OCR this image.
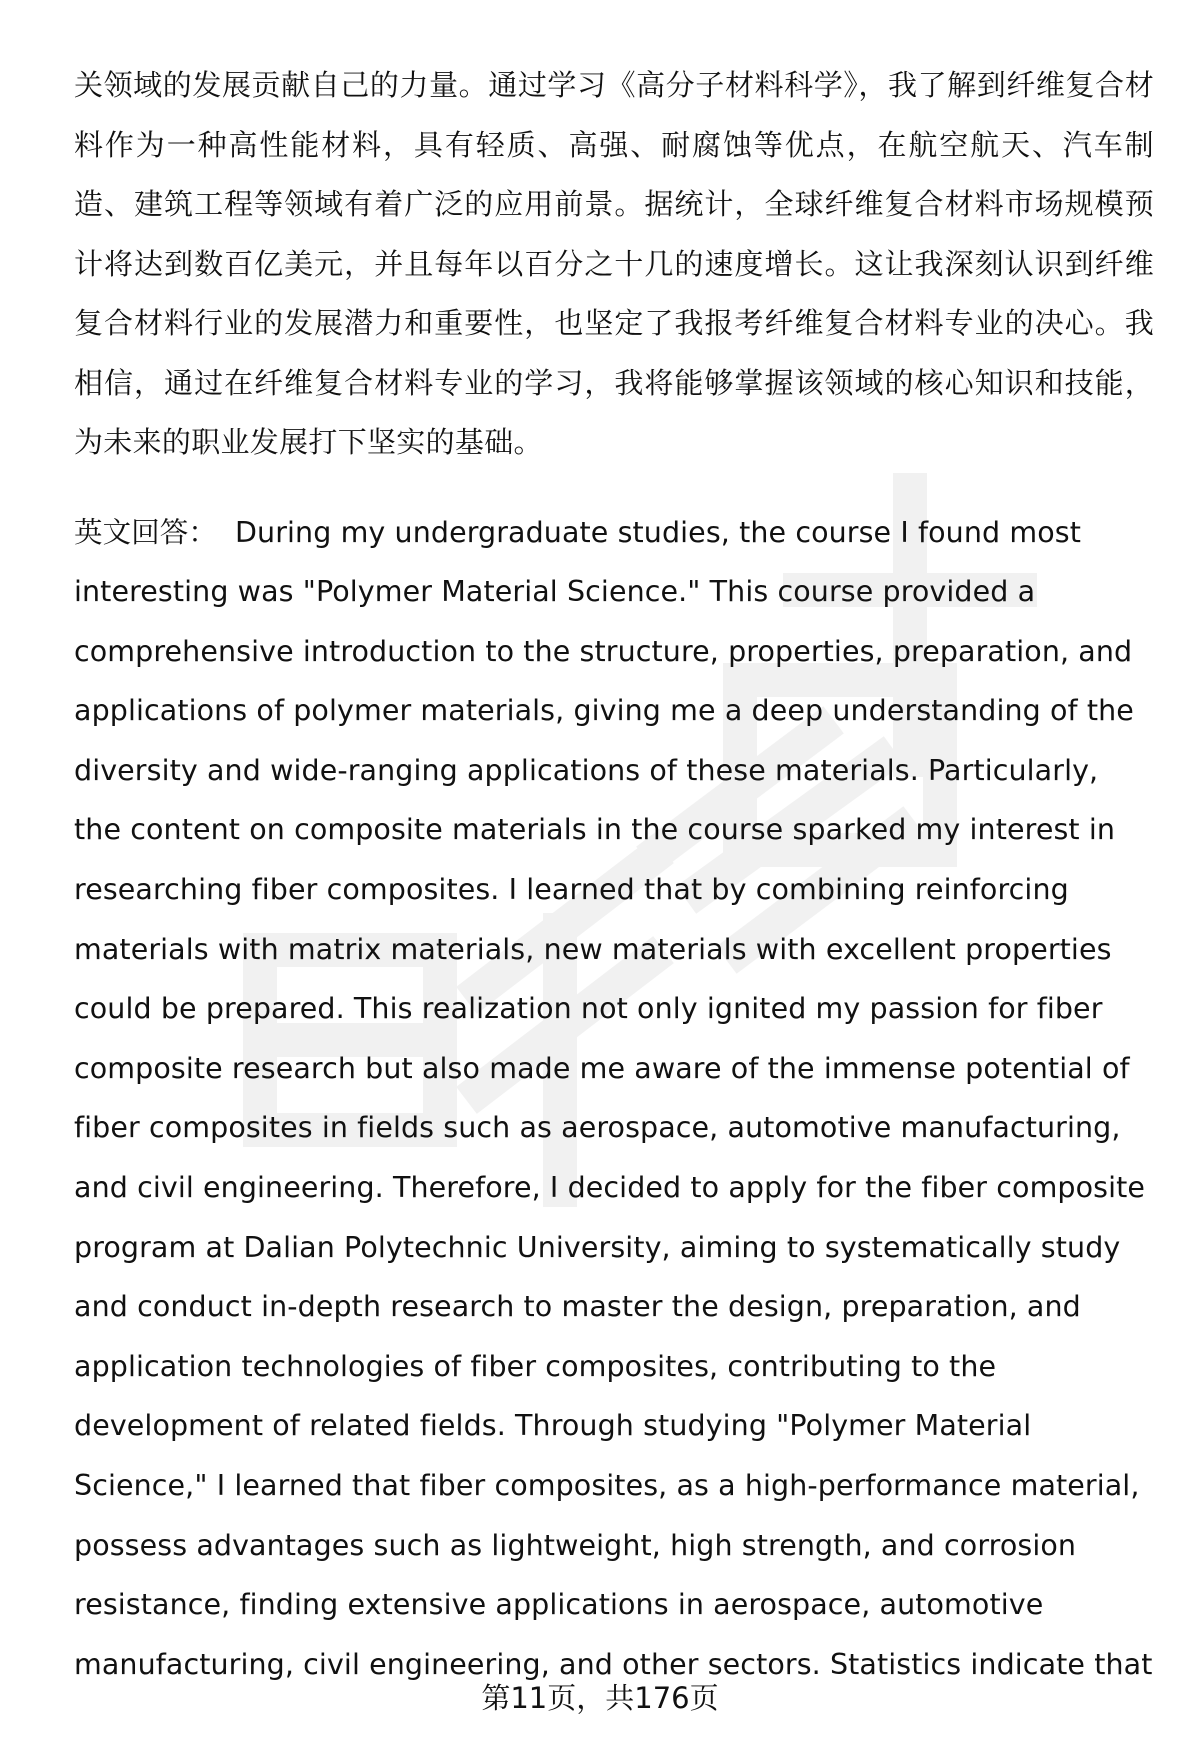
关领域的发展贡献自己的力量。通过学习《高分子材料科学》，我了解到纤维复合材料作为一种高性能材料，具有轻质、高强、耐腐蚀等优点，在航空航天、汽车制造、建筑工程等领域有着广泛的应用前景。据统计，全球纤维复合材料市场规模预计将达到数百亿美元，并且每年以百分之十几的速度增长。这让我深刻认识到纤维复合材料行业的发展潜力和重要性，也坚定了我报考纤维复合材料专业的决心。我相信，通过在纤维复合材料专业的学习，我将能够掌握该领域的核心知识和技能，为未来的职业发展打下坚实的基础。

英文回答： During my undergraduate studies, the course I found most interesting was "Polymer Material Science." This course provided a comprehensive introduction to the structure, properties, preparation, and applications of polymer materials, giving me a deep understanding of the diversity and wide-ranging applications of these materials. Particularly, the content on composite materials in the course sparked my interest in researching fiber composites. I learned that by combining reinforcing materials with matrix materials, new materials with excellent properties could be prepared. This realization not only ignited my passion for fiber composite research but also made me aware of the immense potential of fiber composites in fields such as aerospace, automotive manufacturing, and civil engineering. Therefore, I decided to apply for the fiber composite program at Dalian Polytechnic University, aiming to systematically study and conduct in-depth research to master the design, preparation, and application technologies of fiber composites, contributing to the development of related fields. Through studying "Polymer Material Science," I learned that fiber composites, as a high-performance material, possess advantages such as lightweight, high strength, and corrosion resistance, finding extensive applications in aerospace, automotive manufacturing, civil engineering, and other sectors. Statistics indicate that

第11页，共176页
